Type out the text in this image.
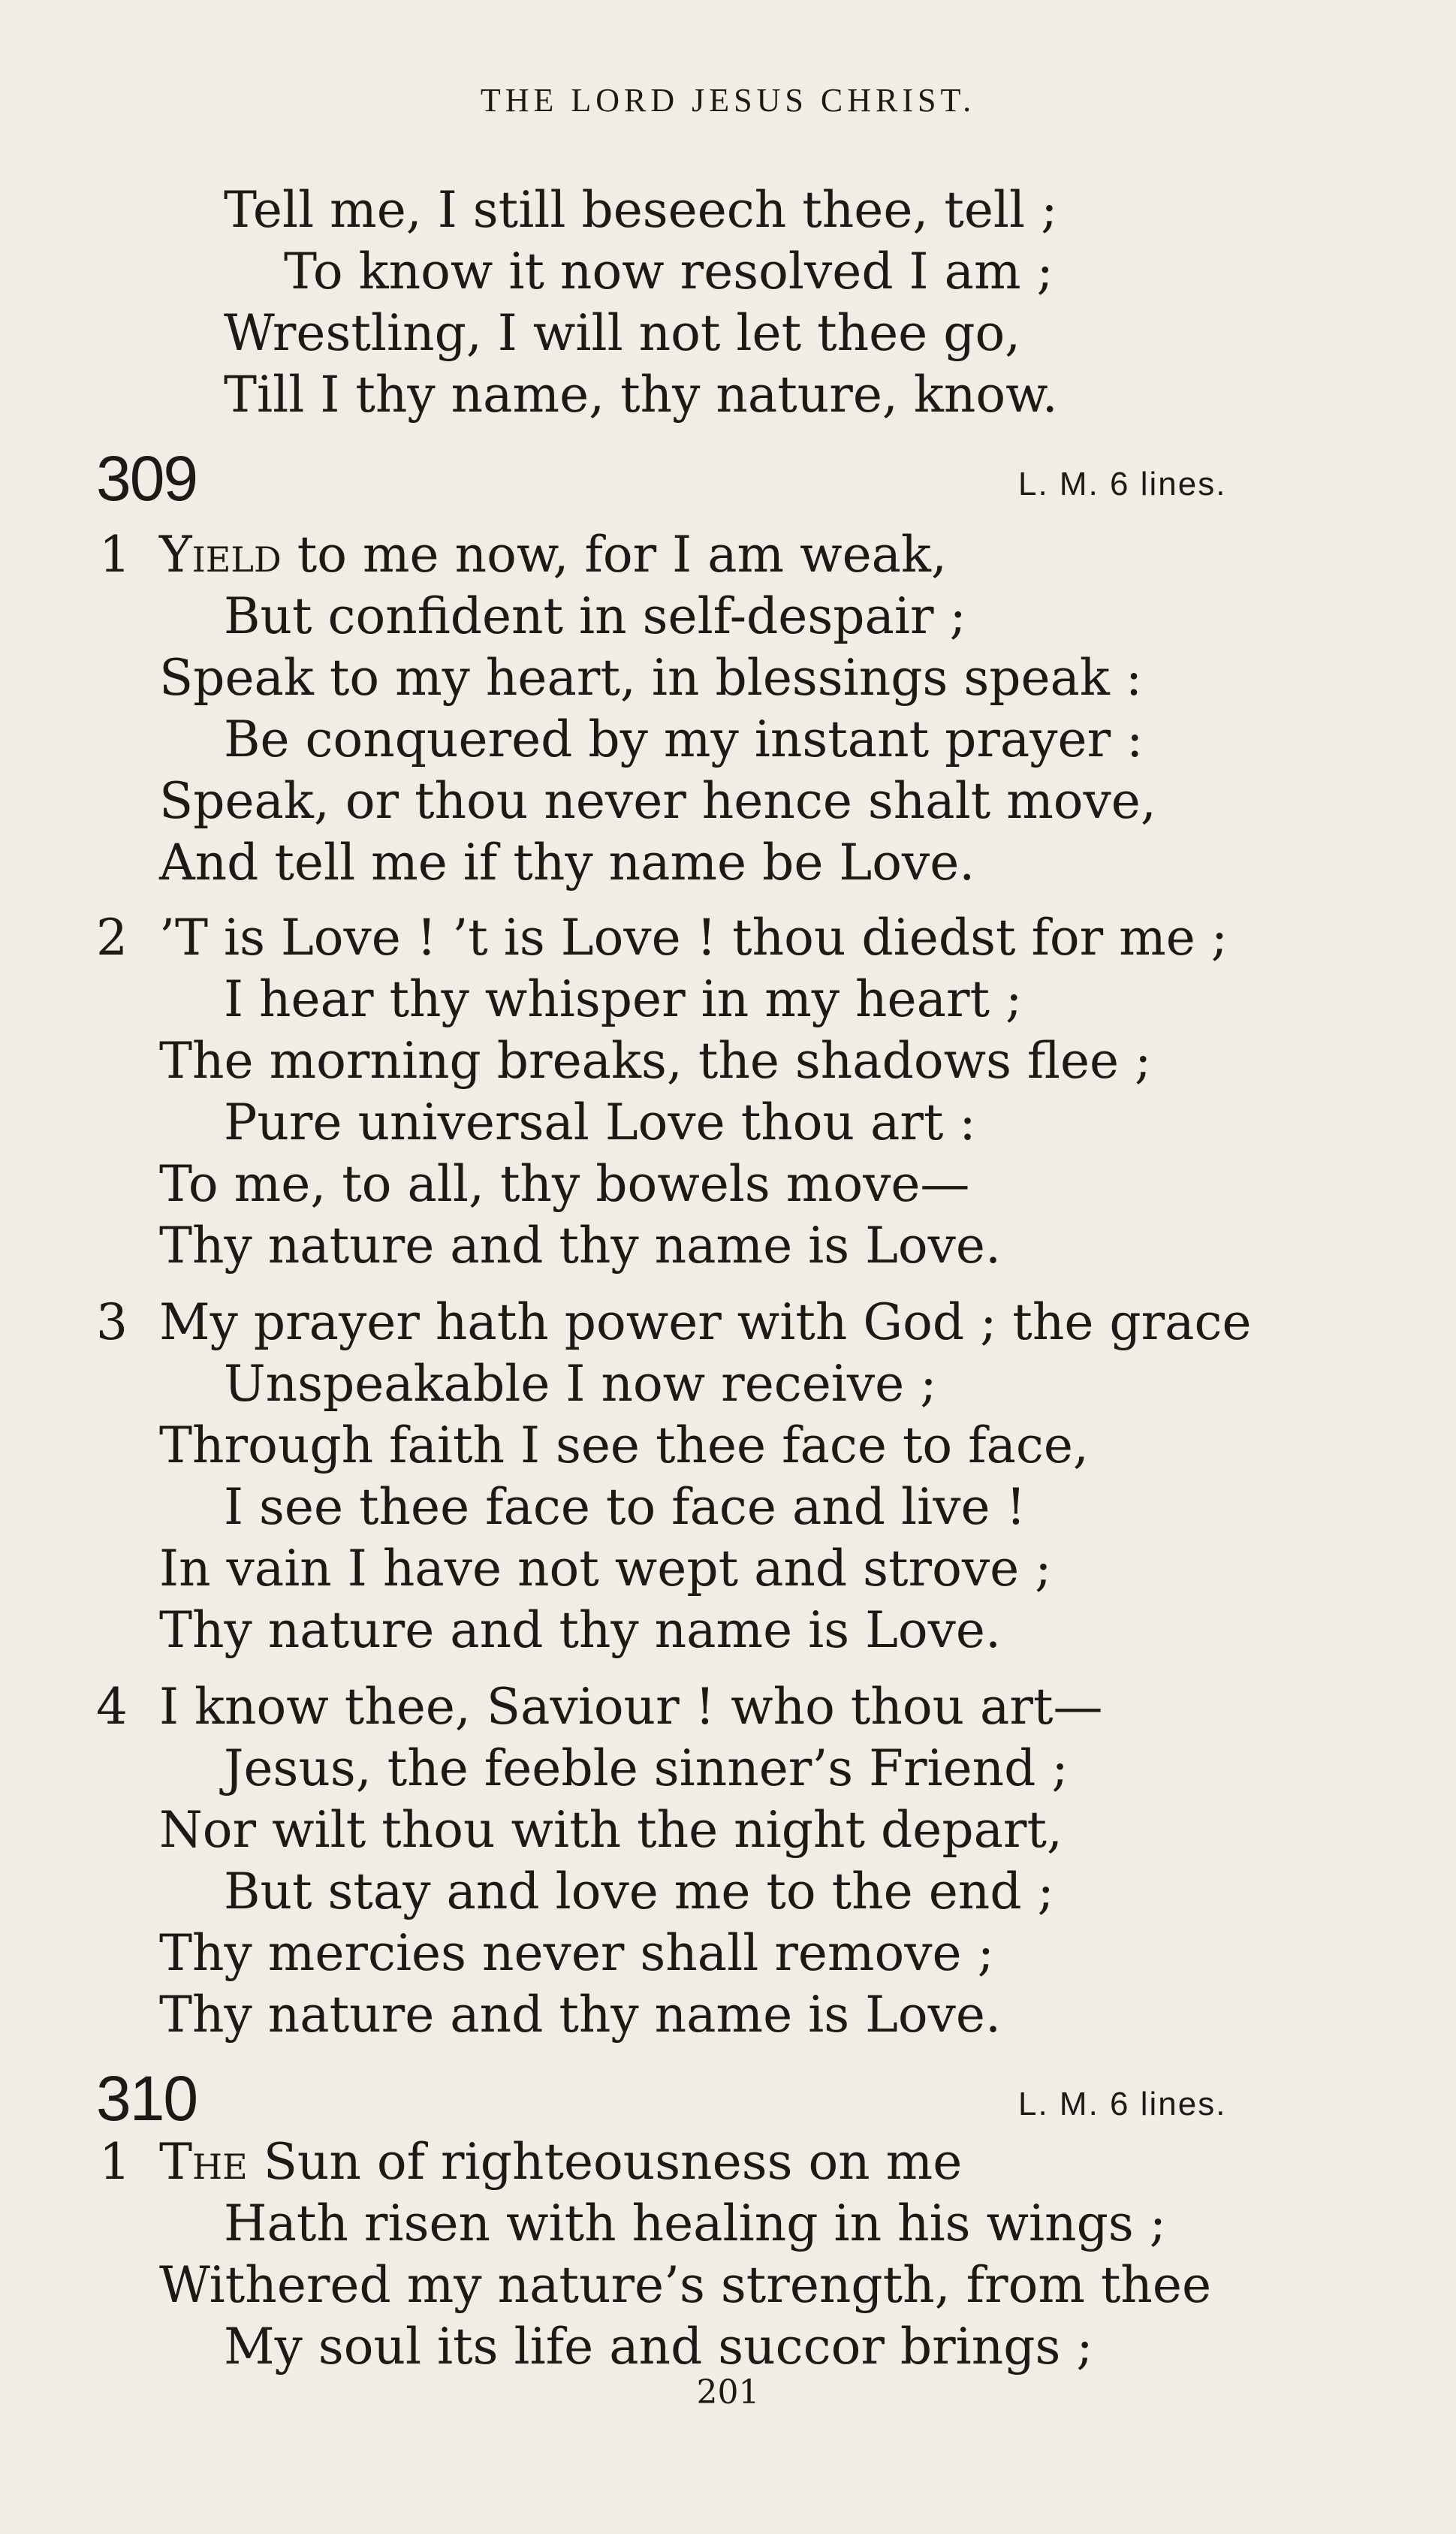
THE LORD JESUS CHRIST.
Tell me, I still beseech thee, tell ;
To know it now resolved I am ;
Wrestling, I will not let thee go,
Till I thy name, thy nature, know.
309	L. M. 6 lines.
1 Yield to me now, for I am weak,
But confident in self-despair ;
Speak to my heart, in blessings speak :
Be conquered by my instant prayer :
Speak, or thou never hence shalt move,
And tell me if thy name be Love.
2 ’T is Love ! ’t is Love ! thou diedst for me ;
I hear thy whisper in my heart ;
The morning breaks, the shadows flee ;
Pure universal Love thou art :
To me, to all, thy bowels move—
Thy nature and thy name is Love.
3 My prayer hath power with God ; the grace
Unspeakable I now receive ;
Through faith I see thee face to face,
I see thee face to face and live !
In vain I have not wept and strove ;
Thy nature and thy name is Love.
4 I know thee, Saviour ! who thou art—
Jesus, the feeble sinner’s Friend ;
Nor wilt thou with the night depart,
But stay and love me to the end ;
Thy mercies never shall remove ;
Thy nature and thy name is Love.
310	L. M. 6 lines.
1 The Sun of righteousness on me
Hath risen with healing in his wings ;
Withered my nature’s strength, from thee
My soul its life and succor brings ;
201
